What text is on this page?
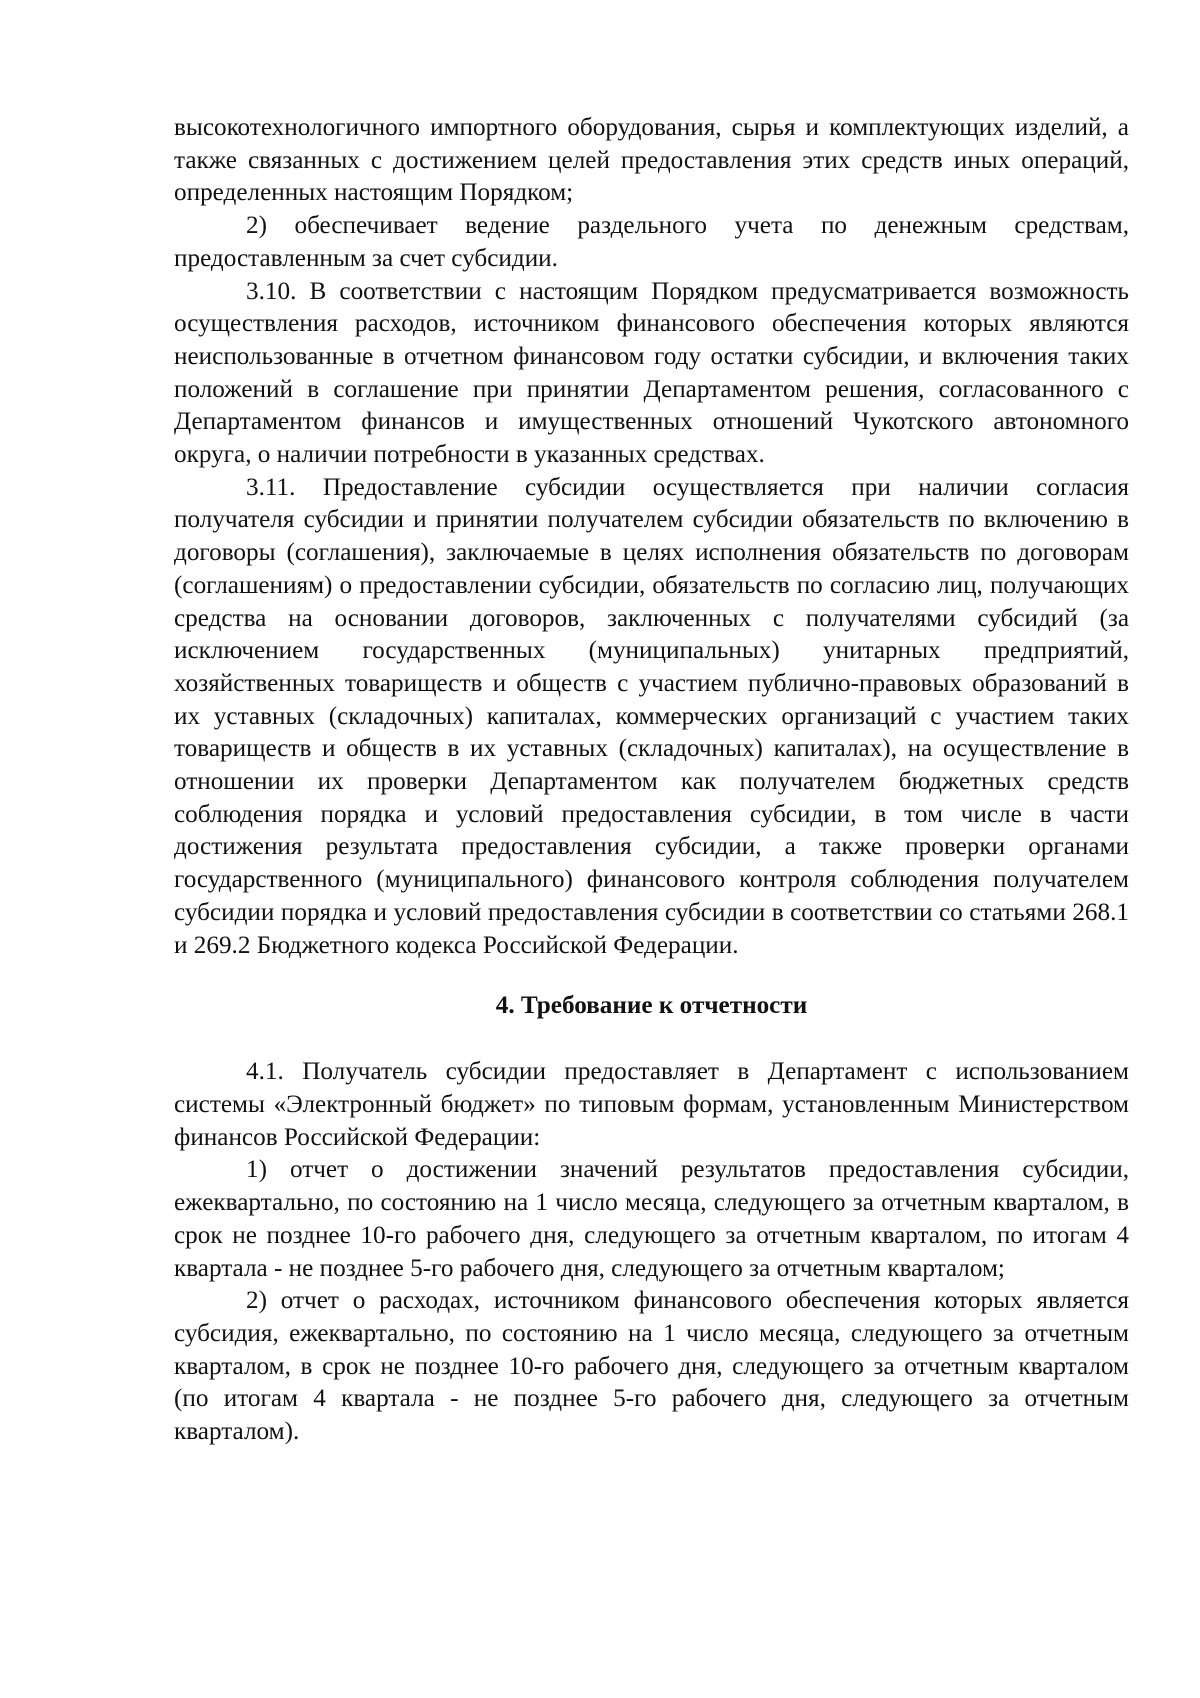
высокотехнологичного импортного оборудования, сырья и комплектующих изделий, а также связанных с достижением целей предоставления этих средств иных операций, определенных настоящим Порядком;

2) обеспечивает ведение раздельного учета по денежным средствам, предоставленным за счет субсидии.

3.10. В соответствии с настоящим Порядком предусматривается возможность осуществления расходов, источником финансового обеспечения которых являются неиспользованные в отчетном финансовом году остатки субсидии, и включения таких положений в соглашение при принятии Департаментом решения, согласованного с Департаментом финансов и имущественных отношений Чукотского автономного округа, о наличии потребности в указанных средствах.

3.11. Предоставление субсидии осуществляется при наличии согласия получателя субсидии и принятии получателем субсидии обязательств по включению в договоры (соглашения), заключаемые в целях исполнения обязательств по договорам (соглашениям) о предоставлении субсидии, обязательств по согласию лиц, получающих средства на основании договоров, заключенных с получателями субсидий (за исключением государственных (муниципальных) унитарных предприятий, хозяйственных товариществ и обществ с участием публично-правовых образований в их уставных (складочных) капиталах, коммерческих организаций с участием таких товариществ и обществ в их уставных (складочных) капиталах), на осуществление в отношении их проверки Департаментом как получателем бюджетных средств соблюдения порядка и условий предоставления субсидии, в том числе в части достижения результата предоставления субсидии, а также проверки органами государственного (муниципального) финансового контроля соблюдения получателем субсидии порядка и условий предоставления субсидии в соответствии со статьями 268.1 и 269.2 Бюджетного кодекса Российской Федерации.

4. Требование к отчетности

4.1. Получатель субсидии предоставляет в Департамент с использованием системы «Электронный бюджет» по типовым формам, установленным Министерством финансов Российской Федерации:

1) отчет о достижении значений результатов предоставления субсидии, ежеквартально, по состоянию на 1 число месяца, следующего за отчетным кварталом, в срок не позднее 10-го рабочего дня, следующего за отчетным кварталом, по итогам 4 квартала - не позднее 5-го рабочего дня, следующего за отчетным кварталом;

2) отчет о расходах, источником финансового обеспечения которых является субсидия, ежеквартально, по состоянию на 1 число месяца, следующего за отчетным кварталом, в срок не позднее 10-го рабочего дня, следующего за отчетным кварталом (по итогам 4 квартала - не позднее 5-го рабочего дня, следующего за отчетным кварталом).
